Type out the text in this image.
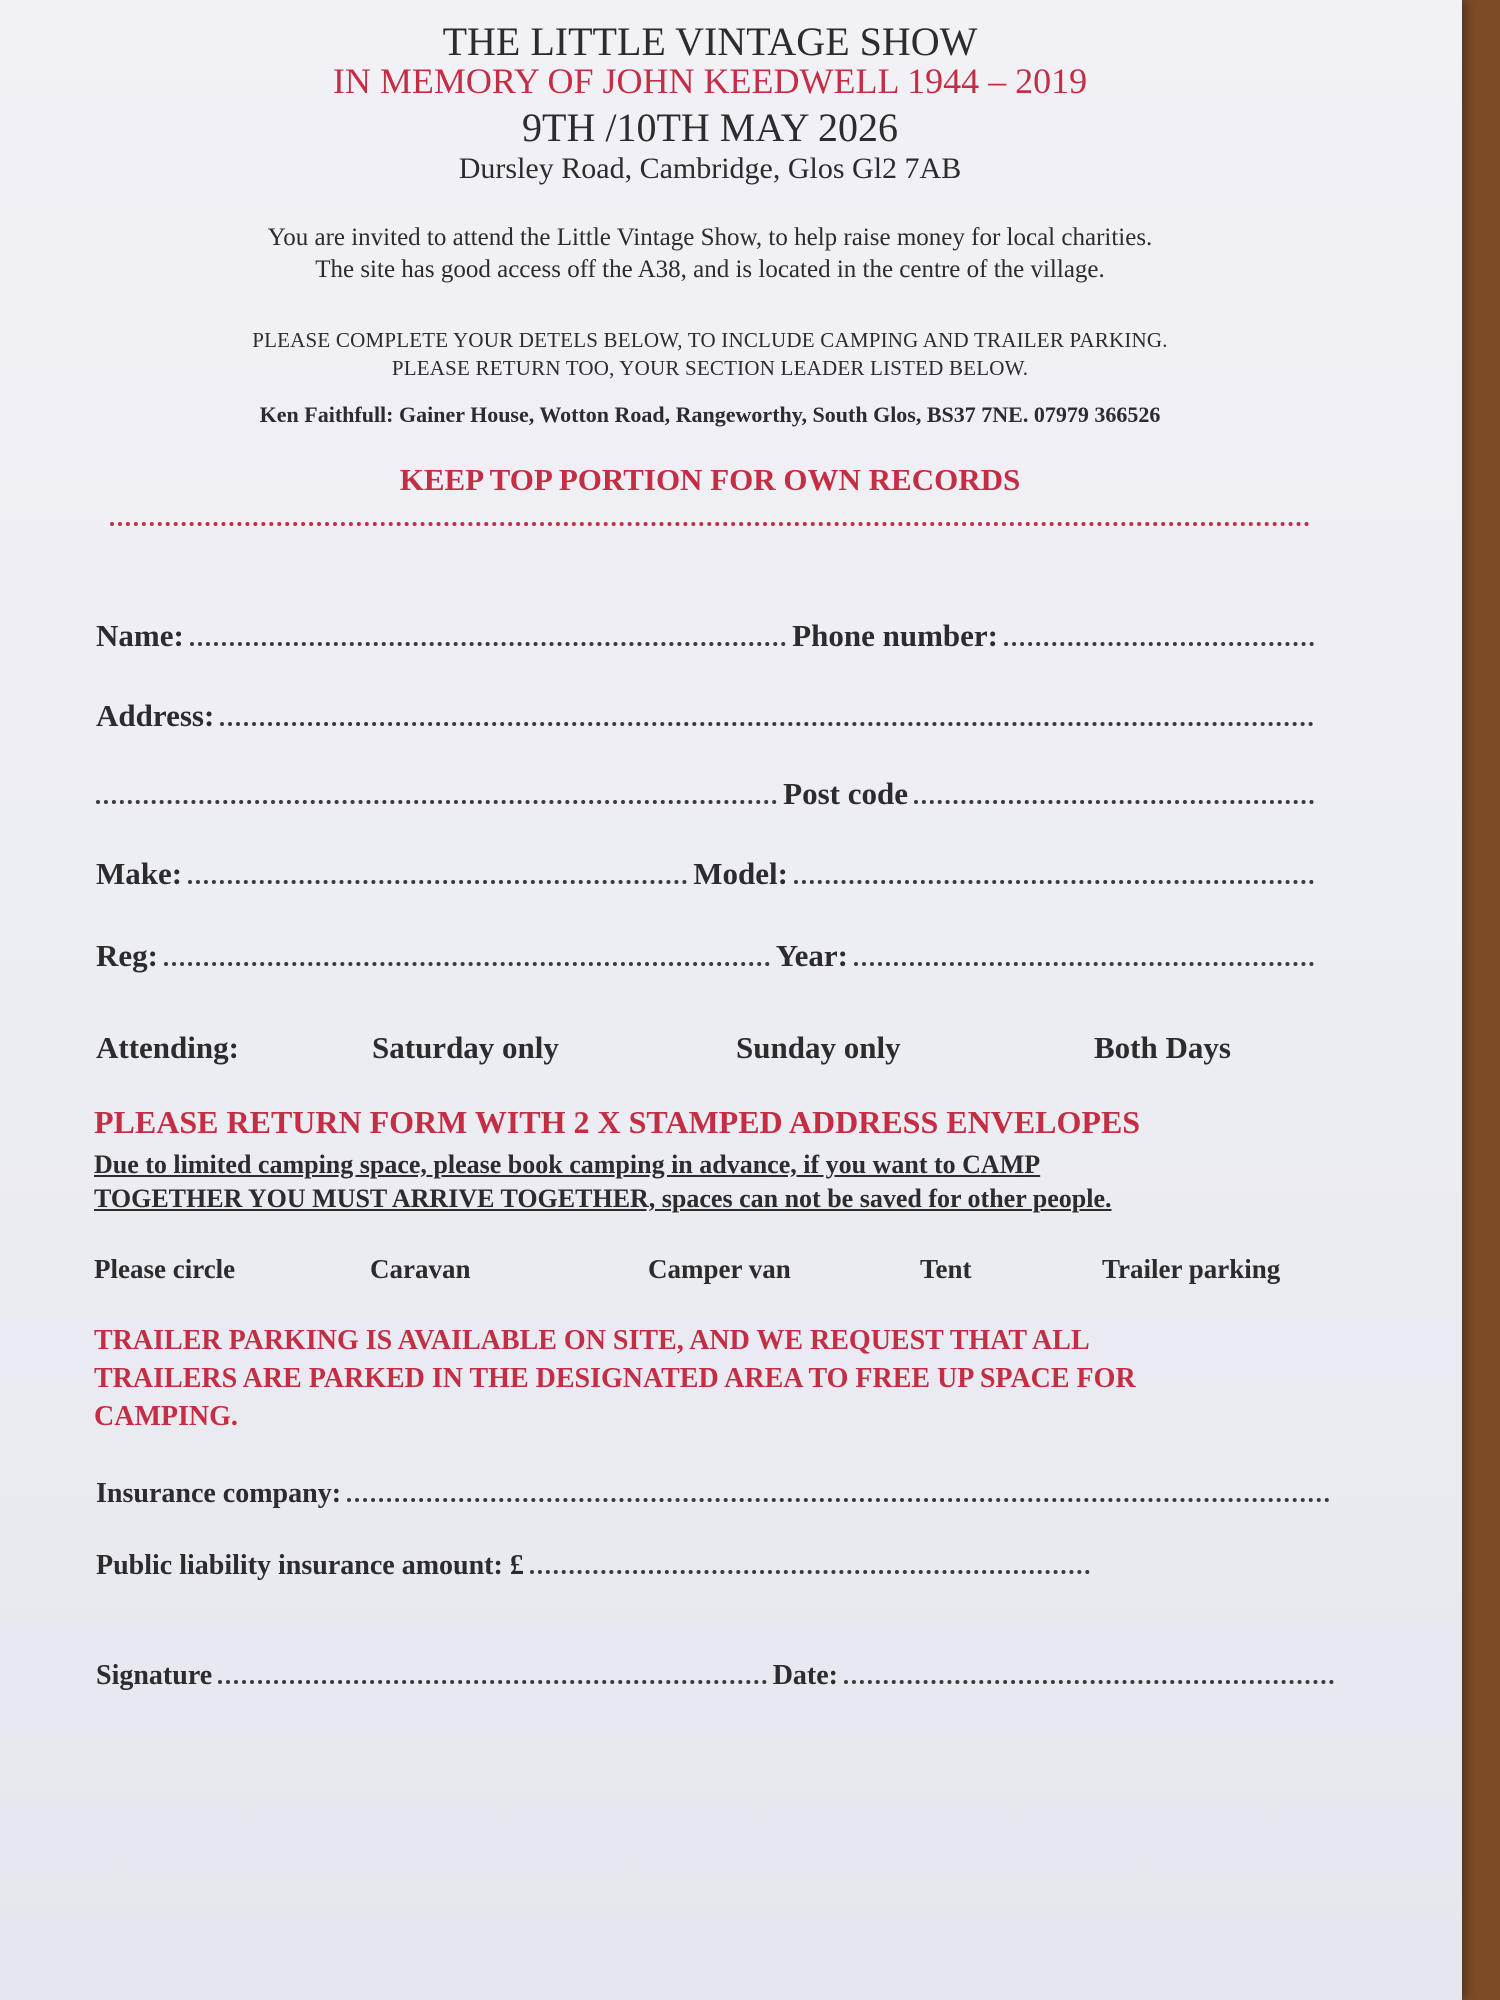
THE LITTLE VINTAGE SHOW
IN MEMORY OF JOHN KEEDWELL 1944 – 2019
9TH /10TH MAY 2026
Dursley Road, Cambridge, Glos Gl2 7AB
You are invited to attend the Little Vintage Show, to help raise money for local charities.
The site has good access off the A38, and is located in the centre of the village.
PLEASE COMPLETE YOUR DETELS BELOW, TO INCLUDE CAMPING AND TRAILER PARKING.
PLEASE RETURN TOO, YOUR SECTION LEADER LISTED BELOW.
Ken Faithfull: Gainer House, Wotton Road, Rangeworthy, South Glos, BS37 7NE. 07979 366526
KEEP TOP PORTION FOR OWN RECORDS
Name:	Phone number:
Address:
Post code
Make:	Model:
Reg:	Year:
Attending:	Saturday only	Sunday only	Both Days
PLEASE RETURN FORM WITH 2 X STAMPED ADDRESS ENVELOPES
Due to limited camping space, please book camping in advance, if you want to CAMP
TOGETHER YOU MUST ARRIVE TOGETHER, spaces can not be saved for other people.
Please circle	Caravan	Camper van	Tent	Trailer parking
TRAILER PARKING IS AVAILABLE ON SITE, AND WE REQUEST THAT ALL
TRAILERS ARE PARKED IN THE DESIGNATED AREA TO FREE UP SPACE FOR
CAMPING.
Insurance company:
Public liability insurance amount: £
Signature	Date:
